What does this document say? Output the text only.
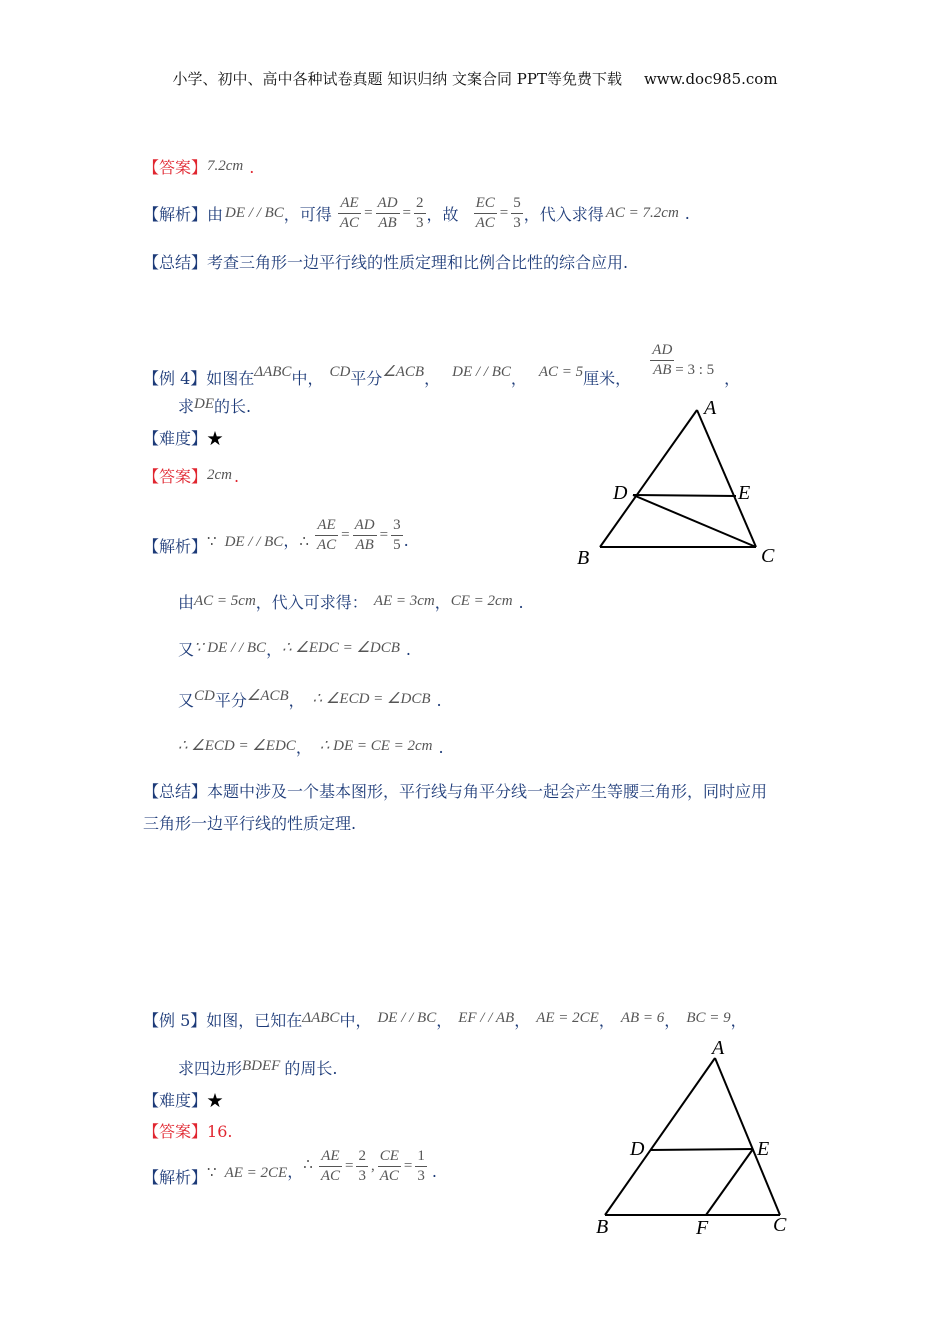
小学、初中、高中各种试卷真题 知识归纳 文案合同 PPT等免费下载 www.doc985.com
【答案】7.2cm .
【解析】由 DE / / BC，可得 $\frac{AE}{AC} = \frac{AD}{AB} = \frac{2}{3}$ ，故 $\frac{EC}{AC} = \frac{5}{3}$ ，代入求得 AC = 7.2cm .
【总结】考查三角形一边平行线的性质定理和比例合比性的综合应用.
【例 4】如图在ΔABC中， CD平分∠ACB， DE / / BC， AC = 5厘米， $\frac{AD}{AB} = 3$ : 5 ，
求DE的长.
【难度】★
【答案】2cm .
【解析】∵ DE / / BC，∴ $\frac{AE}{AC} = \frac{AD}{AB} = \frac{3}{5}$ .
由AC = 5cm，代入可求得： AE = 3cm，CE = 2cm .
又∵ DE / / BC，∴ ∠EDC = ∠DCB .
又CD平分∠ACB， ∴ ∠ECD = ∠DCB .
∴ ∠ECD = ∠EDC， ∴ DE = CE = 2cm .
【总结】本题中涉及一个基本图形，平行线与角平分线一起会产生等腰三角形，同时应用
三角形一边平行线的性质定理.
A
B	C
D	E
【例 5】如图，已知在ΔABC中， DE / / BC， EF / / AB， AE = 2CE， AB = 6， BC = 9，
求四边形BDEF 的周长.
【难度】★
【答案】16.
【解析】∵ AE = 2CE，∴ $\frac{AE}{AC} = \frac{2}{3}$ , $\frac{CE}{AC} = \frac{1}{3}$ .
A
B	C
D	E
F
